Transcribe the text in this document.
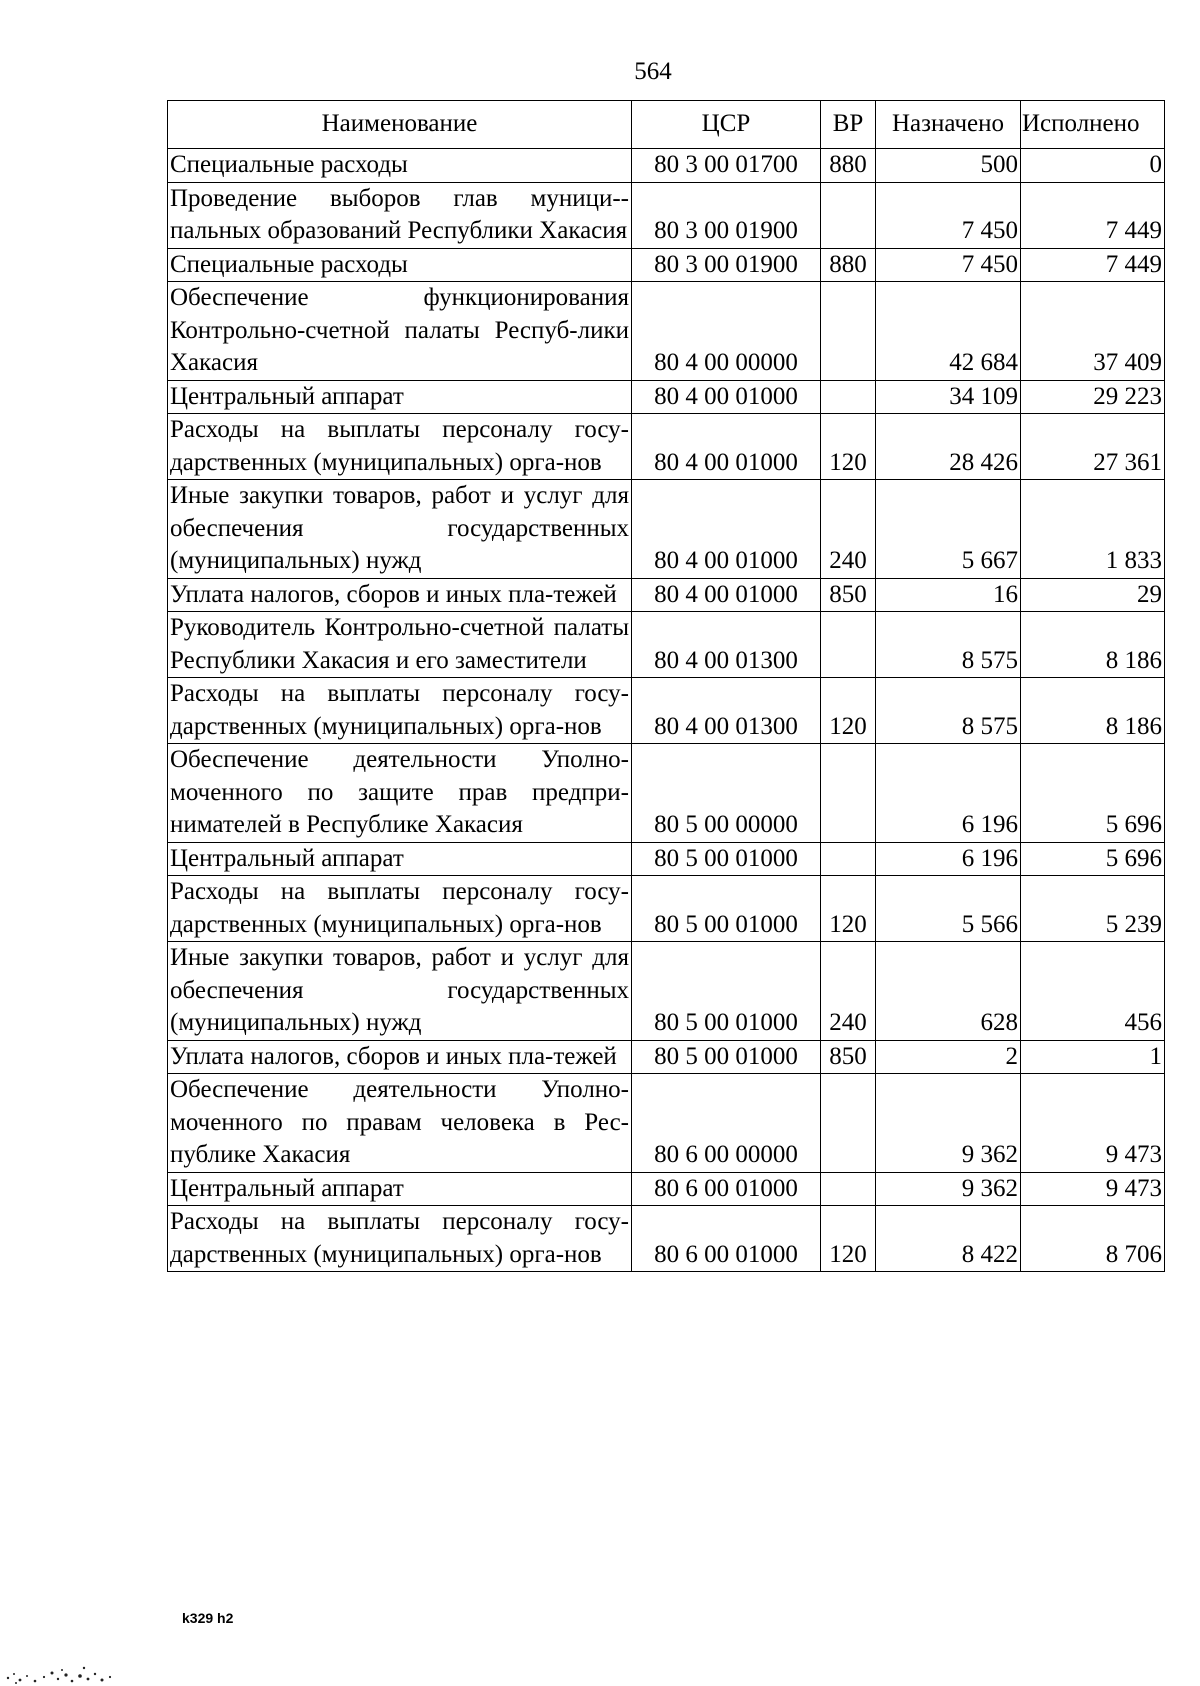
564
Наименование	ЦСР	ВР	Назначено	Исполнено
Специальные расходы	80 3 00 01700	880	500	0
Проведение выборов глав муници-пальных образований Республики Хакасия	80 3 00 01900		7 450	7 449
Специальные расходы	80 3 00 01900	880	7 450	7 449
Обеспечение функционирования Контрольно-счетной палаты Респуб-лики Хакасия	80 4 00 00000		42 684	37 409
Центральный аппарат	80 4 00 01000		34 109	29 223
Расходы на выплаты персоналу госу-дарственных (муниципальных) орга-нов	80 4 00 01000	120	28 426	27 361
Иные закупки товаров, работ и услуг для обеспечения государственных (муниципальных) нужд	80 4 00 01000	240	5 667	1 833
Уплата налогов, сборов и иных пла-тежей	80 4 00 01000	850	16	29
Руководитель Контрольно-счетной палаты Республики Хакасия и его заместители	80 4 00 01300		8 575	8 186
Расходы на выплаты персоналу госу-дарственных (муниципальных) орга-нов	80 4 00 01300	120	8 575	8 186
Обеспечение деятельности Уполно-моченного по защите прав предпри-нимателей в Республике Хакасия	80 5 00 00000		6 196	5 696
Центральный аппарат	80 5 00 01000		6 196	5 696
Расходы на выплаты персоналу госу-дарственных (муниципальных) орга-нов	80 5 00 01000	120	5 566	5 239
Иные закупки товаров, работ и услуг для обеспечения государственных (муниципальных) нужд	80 5 00 01000	240	628	456
Уплата налогов, сборов и иных пла-тежей	80 5 00 01000	850	2	1
Обеспечение деятельности Уполно-моченного по правам человека в Рес-публике Хакасия	80 6 00 00000		9 362	9 473
Центральный аппарат	80 6 00 01000		9 362	9 473
Расходы на выплаты персоналу госу-дарственных (муниципальных) орга-нов	80 6 00 01000	120	8 422	8 706
k329 h2
